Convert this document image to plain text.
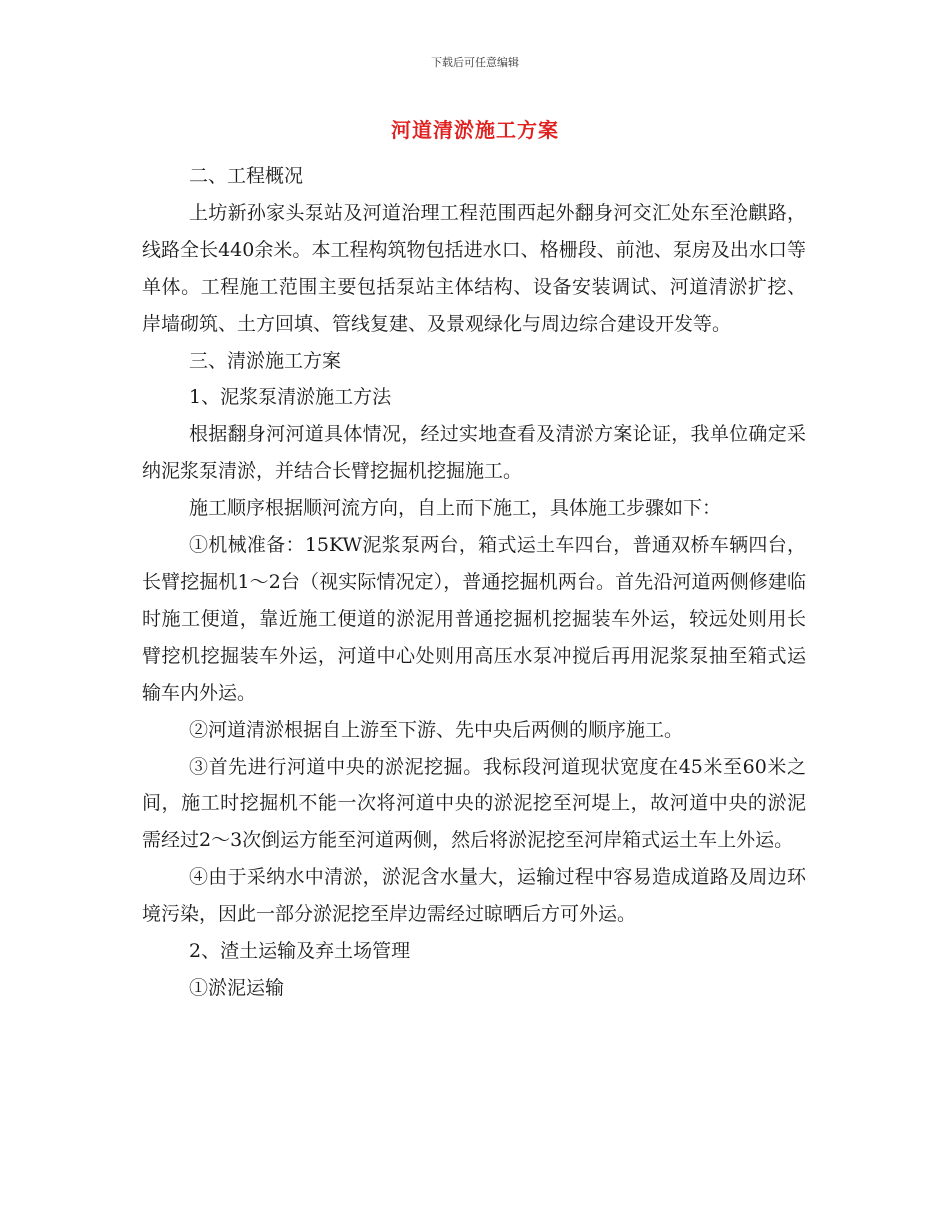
下载后可任意编辑
河道清淤施工方案

二、工程概况

上坊新孙家头泵站及河道治理工程范围西起外翻身河交汇处东至沧麒路，线路全长440余米。本工程构筑物包括进水口、格栅段、前池、泵房及出水口等单体。工程施工范围主要包括泵站主体结构、设备安装调试、河道清淤扩挖、岸墙砌筑、土方回填、管线复建、及景观绿化与周边综合建设开发等。

三、清淤施工方案

1、泥浆泵清淤施工方法

根据翻身河河道具体情况，经过实地查看及清淤方案论证，我单位确定采纳泥浆泵清淤，并结合长臂挖掘机挖掘施工。

施工顺序根据顺河流方向，自上而下施工，具体施工步骤如下：

①机械准备：15KW泥浆泵两台，箱式运土车四台，普通双桥车辆四台，长臂挖掘机1～2台（视实际情况定），普通挖掘机两台。首先沿河道两侧修建临时施工便道，靠近施工便道的淤泥用普通挖掘机挖掘装车外运，较远处则用长臂挖机挖掘装车外运，河道中心处则用高压水泵冲搅后再用泥浆泵抽至箱式运输车内外运。

②河道清淤根据自上游至下游、先中央后两侧的顺序施工。

③首先进行河道中央的淤泥挖掘。我标段河道现状宽度在45米至60米之间，施工时挖掘机不能一次将河道中央的淤泥挖至河堤上，故河道中央的淤泥需经过2～3次倒运方能至河道两侧，然后将淤泥挖至河岸箱式运土车上外运。

④由于采纳水中清淤，淤泥含水量大，运输过程中容易造成道路及周边环境污染，因此一部分淤泥挖至岸边需经过晾晒后方可外运。

2、渣土运输及弃土场管理

①淤泥运输
